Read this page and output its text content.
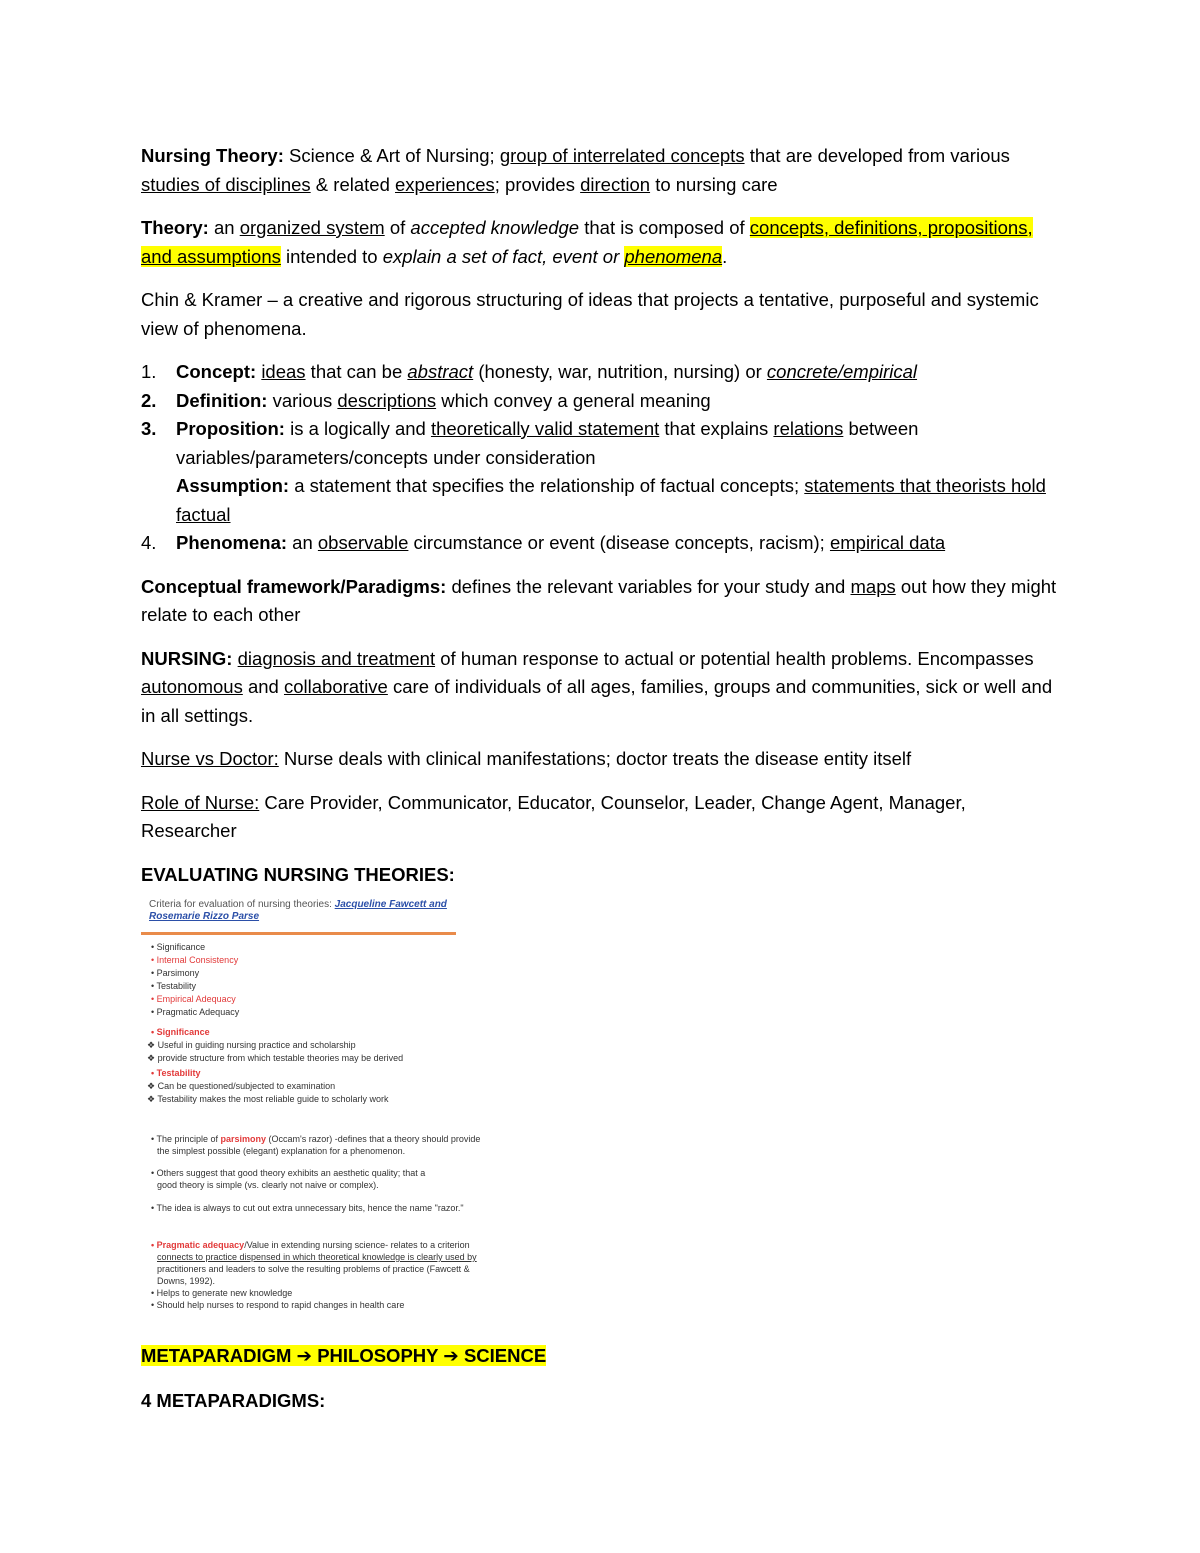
Nursing Theory: Science & Art of Nursing; group of interrelated concepts that are developed from various studies of disciplines & related experiences; provides direction to nursing care

Theory: an organized system of accepted knowledge that is composed of concepts, definitions, propositions, and assumptions intended to explain a set of fact, event or phenomena.

Chin & Kramer – a creative and rigorous structuring of ideas that projects a tentative, purposeful and systemic view of phenomena.

1. Concept: ideas that can be abstract (honesty, war, nutrition, nursing) or concrete/empirical
2. Definition: various descriptions which convey a general meaning
3. Proposition: is a logically and theoretically valid statement that explains relations between variables/parameters/concepts under consideration
Assumption: a statement that specifies the relationship of factual concepts; statements that theorists hold factual
4. Phenomena: an observable circumstance or event (disease concepts, racism); empirical data

Conceptual framework/Paradigms: defines the relevant variables for your study and maps out how they might relate to each other

NURSING: diagnosis and treatment of human response to actual or potential health problems. Encompasses autonomous and collaborative care of individuals of all ages, families, groups and communities, sick or well and in all settings.

Nurse vs Doctor: Nurse deals with clinical manifestations; doctor treats the disease entity itself

Role of Nurse: Care Provider, Communicator, Educator, Counselor, Leader, Change Agent, Manager, Researcher

EVALUATING NURSING THEORIES:
Criteria for evaluation of nursing theories: Jacqueline Fawcett and Rosemarie Rizzo Parse
• Significance
• Internal Consistency
• Parsimony
• Testability
• Empirical Adequacy
• Pragmatic Adequacy
• Significance
❖ Useful in guiding nursing practice and scholarship
❖ provide structure from which testable theories may be derived
• Testability
❖ Can be questioned/subjected to examination
❖ Testability makes the most reliable guide to scholarly work
• The principle of parsimony (Occam's razor) -defines that a theory should provide
the simplest possible (elegant) explanation for a phenomenon.
• Others suggest that good theory exhibits an aesthetic quality; that a
good theory is simple (vs. clearly not naive or complex).
• The idea is always to cut out extra unnecessary bits, hence the name "razor."
• Pragmatic adequacy/Value in extending nursing science- relates to a criterion
connects to practice dispensed in which theoretical knowledge is clearly used by
practitioners and leaders to solve the resulting problems of practice (Fawcett &
Downs, 1992).
• Helps to generate new knowledge
• Should help nurses to respond to rapid changes in health care

METAPARADIGM ➔ PHILOSOPHY ➔ SCIENCE

4 METAPARADIGMS:
